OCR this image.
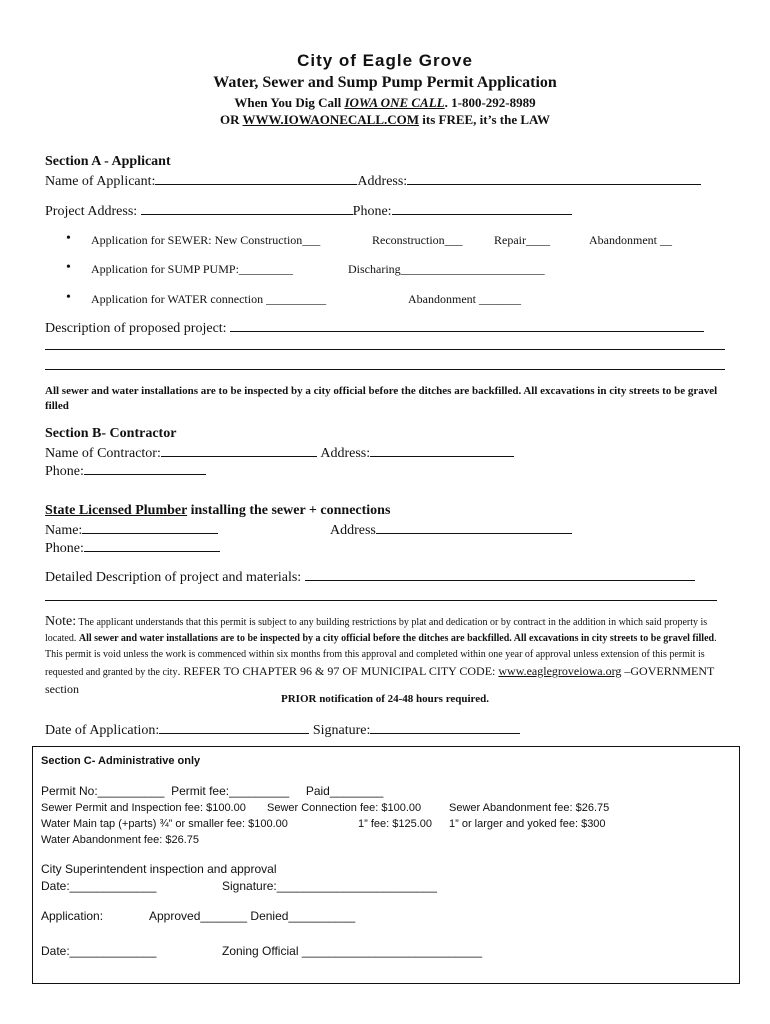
City of Eagle Grove
Water, Sewer and Sump Pump Permit Application
When You Dig Call IOWA ONE CALL. 1-800-292-8989
OR WWW.IOWAONECALL.COM its FREE, it’s the LAW
Section A - Applicant
Name of Applicant:	Address:
Project Address:	Phone:
• Application for SEWER: New Construction___	Reconstruction___	Repair____	Abandonment __
• Application for SUMP PUMP:_________	Discharing________________________
• Application for WATER connection __________	Abandonment _______
Description of proposed project:
All sewer and water installations are to be inspected by a city official before the ditches are backfilled. All excavations in city streets to be gravel filled
Section B- Contractor
Name of Contractor:	Address:
Phone:
State Licensed Plumber installing the sewer + connections
Name:	Address
Phone:
Detailed Description of project and materials:
Note: The applicant understands that this permit is subject to any building restrictions by plat and dedication or by contract in the addition in which said property is located. All sewer and water installations are to be inspected by a city official before the ditches are backfilled. All excavations in city streets to be gravel filled. This permit is void unless the work is commenced within six months from this approval and completed within one year of approval unless extension of this permit is requested and granted by the city. REFER TO CHAPTER 96 & 97 OF MUNICIPAL CITY CODE: www.eaglegroveiowa.org –GOVERNMENT section
PRIOR notification of 24-48 hours required.
Date of Application:	Signature:
Section C- Administrative only
Permit No:__________  Permit fee:_________     Paid________
Sewer Permit and Inspection fee: $100.00 Sewer Connection fee: $100.00	Sewer Abandonment fee: $26.75
Water Main tap (+parts) ¾” or smaller fee: $100.00	1” fee: $125.00 1” or larger and yoked fee: $300
Water Abandonment fee: $26.75
City Superintendent inspection and approval
Date:_____________	Signature:________________________
Application:	Approved_______ Denied__________
Date:_____________	Zoning Official ___________________________
